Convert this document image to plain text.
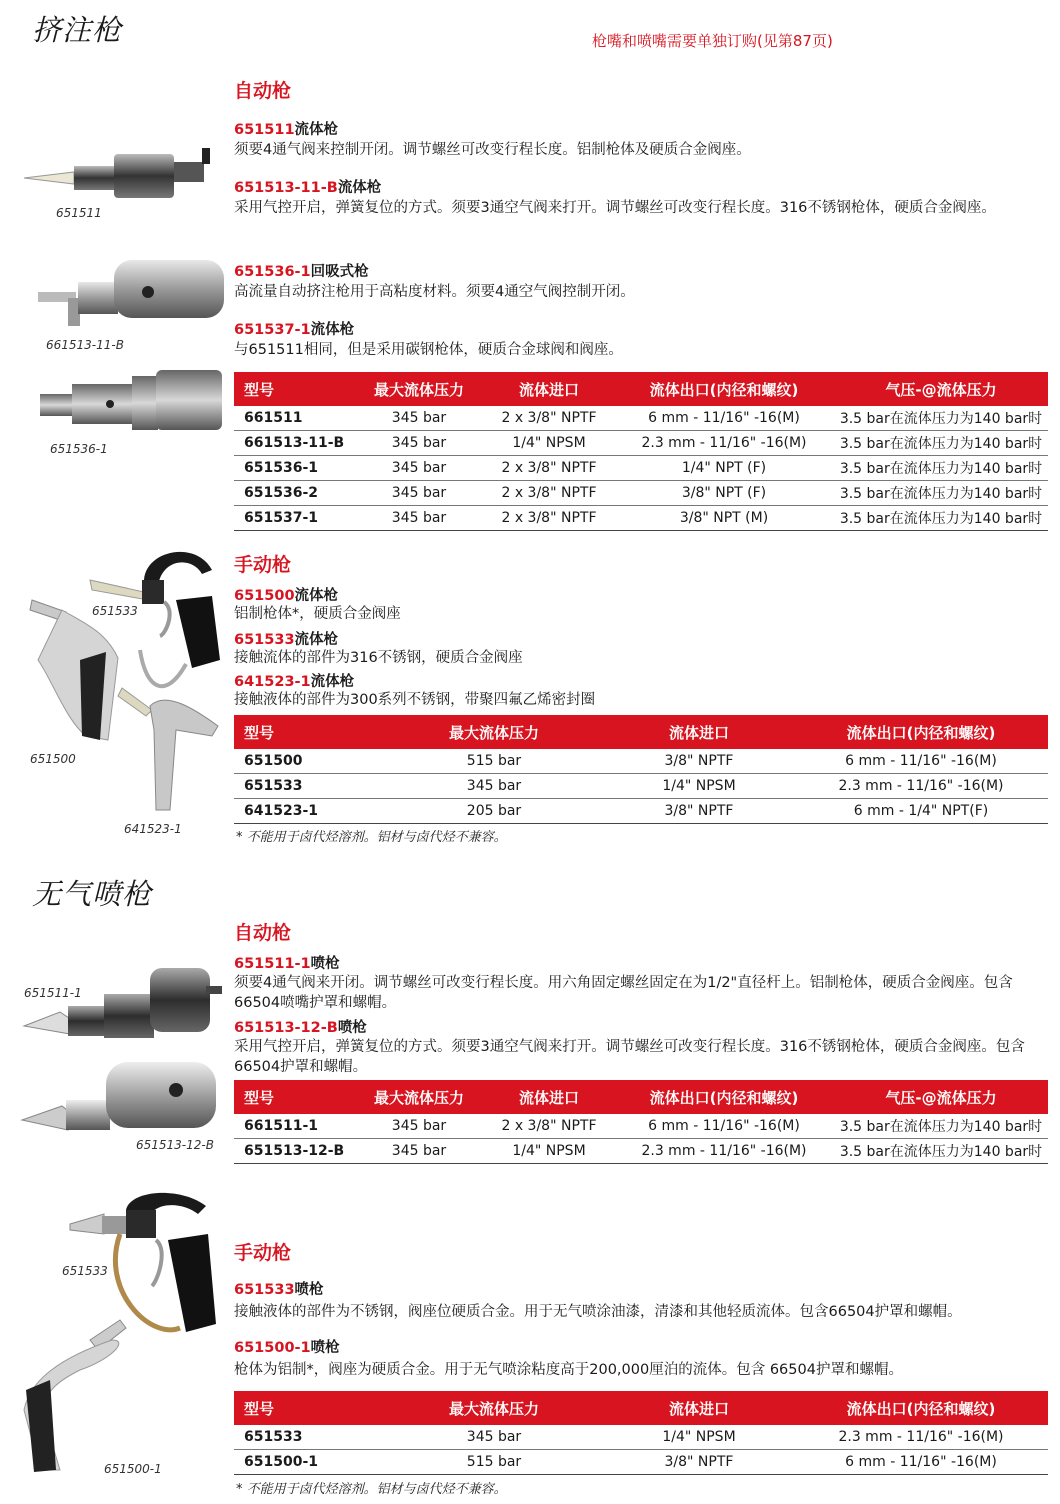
挤注枪	枪嘴和喷嘴需要单独订购(见第87页)
自动枪
651511流体枪
须要4通气阀来控制开闭。调节螺丝可改变行程长度。铝制枪体及硬质合金阀座。
651513-11-B流体枪
采用气控开启，弹簧复位的方式。须要3通空气阀来打开。调节螺丝可改变行程长度。316不锈钢枪体，硬质合金阀座。
651536-1回吸式枪
高流量自动挤注枪用于高粘度材料。须要4通空气阀控制开闭。
651537-1流体枪
与651511相同，但是采用碳钢枪体，硬质合金球阀和阀座。
型号	最大流体压力	流体进口	流体出口(内径和螺纹)	气压-@流体压力
661511	345 bar	2 x 3/8" NPTF	6 mm - 11/16" -16(M)	3.5 bar在流体压力为140 bar时
661513-11-B	345 bar	1/4" NPSM	2.3 mm - 11/16" -16(M)	3.5 bar在流体压力为140 bar时
651536-1	345 bar	2 x 3/8" NPTF	1/4" NPT (F)	3.5 bar在流体压力为140 bar时
651536-2	345 bar	2 x 3/8" NPTF	3/8" NPT (F)	3.5 bar在流体压力为140 bar时
651537-1	345 bar	2 x 3/8" NPTF	3/8" NPT (M)	3.5 bar在流体压力为140 bar时
651511
661513-11-B
651536-1
手动枪
651500流体枪
铝制枪体*，硬质合金阀座
651533流体枪
接触流体的部件为316不锈钢，硬质合金阀座
641523-1流体枪
接触液体的部件为300系列不锈钢，带聚四氟乙烯密封圈
型号	最大流体压力	流体进口	流体出口(内径和螺纹)
651500	515 bar	3/8" NPTF	6 mm - 11/16" -16(M)
651533	345 bar	1/4" NPSM	2.3 mm - 11/16" -16(M)
641523-1	205 bar	3/8" NPTF	6 mm - 1/4" NPT(F)
* 不能用于卤代烃溶剂。铝材与卤代烃不兼容。
651533
651500
641523-1
无气喷枪
自动枪
651511-1喷枪
须要4通气阀来开闭。调节螺丝可改变行程长度。用六角固定螺丝固定在为1/2"直径杆上。铝制枪体，硬质合金阀座。包含66504喷嘴护罩和螺帽。
651513-12-B喷枪
采用气控开启，弹簧复位的方式。须要3通空气阀来打开。调节螺丝可改变行程长度。316不锈钢枪体，硬质合金阀座。包含66504护罩和螺帽。
型号	最大流体压力	流体进口	流体出口(内径和螺纹)	气压-@流体压力
661511-1	345 bar	2 x 3/8" NPTF	6 mm - 11/16" -16(M)	3.5 bar在流体压力为140 bar时
651513-12-B	345 bar	1/4" NPSM	2.3 mm - 11/16" -16(M)	3.5 bar在流体压力为140 bar时
651511-1
651513-12-B
手动枪
651533喷枪
接触液体的部件为不锈钢，阀座位硬质合金。用于无气喷涂油漆，清漆和其他轻质流体。包含66504护罩和螺帽。
651500-1喷枪
枪体为铝制*，阀座为硬质合金。用于无气喷涂粘度高于200,000厘泊的流体。包含 66504护罩和螺帽。
型号	最大流体压力	流体进口	流体出口(内径和螺纹)
651533	345 bar	1/4" NPSM	2.3 mm - 11/16" -16(M)
651500-1	515 bar	3/8" NPTF	6 mm - 11/16" -16(M)
* 不能用于卤代烃溶剂。铝材与卤代烃不兼容。
651533
651500-1
